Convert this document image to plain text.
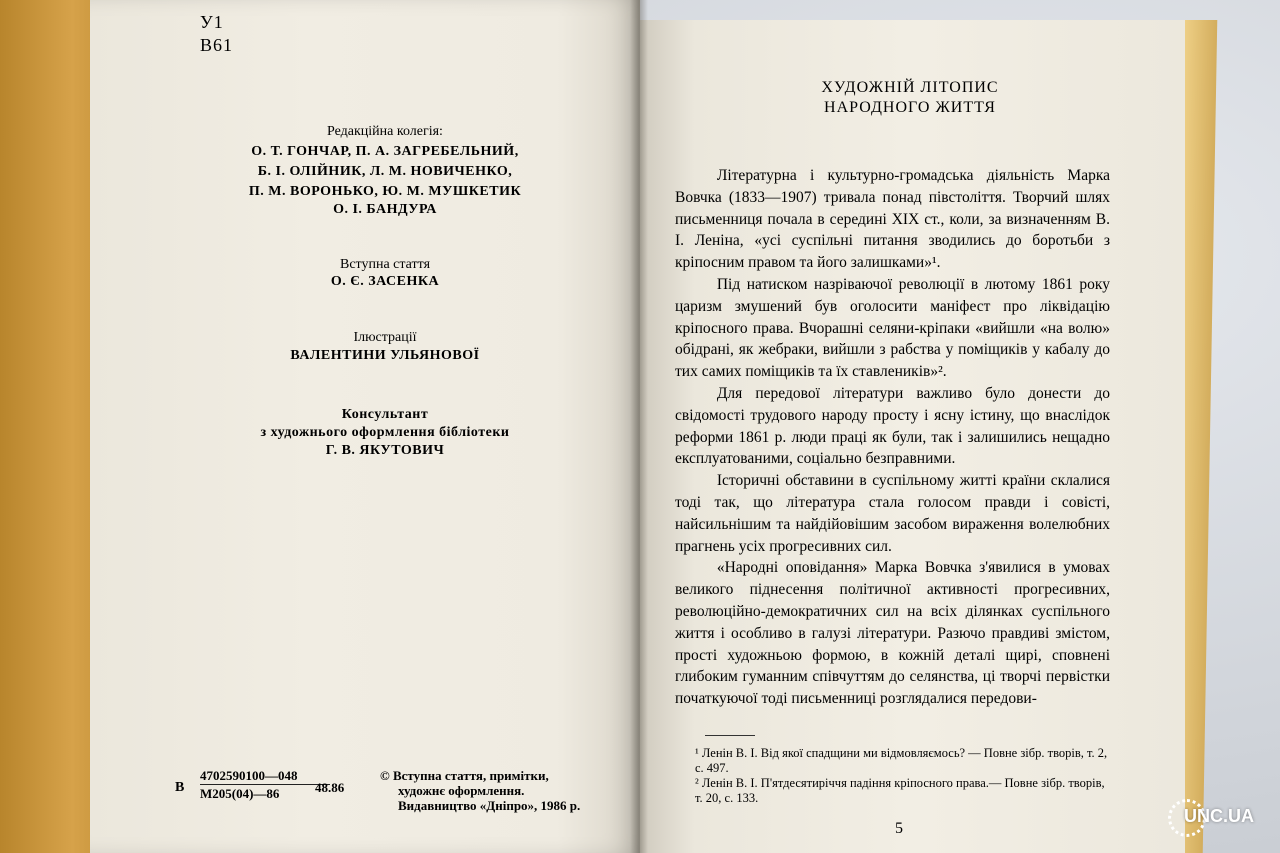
У1
В61
Редакційна колегія:
О. Т. ГОНЧАР, П. А. ЗАГРЕБЕЛЬНИЙ,
Б. І. ОЛІЙНИК, Л. М. НОВИЧЕНКО,
П. М. ВОРОНЬКО, Ю. М. МУШКЕТИК
О. І. БАНДУРА
Вступна стаття
О. Є. ЗАСЕНКА
Ілюстрації
ВАЛЕНТИНИ УЛЬЯНОВОЇ
Консультант
з художнього оформлення бібліотеки
Г. В. ЯКУТОВИЧ
В
4702590100—048
М205(04)—86	48.86
© Вступна стаття, примітки,
художнє оформлення.
Видавництво «Дніпро», 1986 р.
ХУДОЖНІЙ ЛІТОПИС
НАРОДНОГО ЖИТТЯ

Літературна і культурно-громадська діяльність Марка Вовчка (1833—1907) тривала понад півстоліття. Творчий шлях письменниця почала в середині XIX ст., коли, за визначенням В. І. Леніна, «усі суспільні питання зводились до боротьби з кріпосним правом та його залишками»¹.

Під натиском назріваючої революції в лютому 1861 року царизм змушений був оголосити маніфест про ліквідацію кріпосного права. Вчорашні селяни-кріпаки «вийшли «на волю» обідрані, як жебраки, вийшли з рабства у поміщиків у кабалу до тих самих поміщиків та їх ставлеників»².

Для передової літератури важливо було донести до свідомості трудового народу просту і ясну істину, що внаслідок реформи 1861 р. люди праці як були, так і залишились нещадно експлуатованими, соціально безправними.

Історичні обставини в суспільному житті країни склалися тоді так, що література стала голосом правди і совісті, найсильнішим та найдійовішим засобом вираження волелюбних прагнень усіх прогресивних сил.

«Народні оповідання» Марка Вовчка з'явилися в умовах великого піднесення політичної активності прогресивних, революційно-демократичних сил на всіх ділянках суспільного життя і особливо в галузі літератури. Разючо правдиві змістом, прості художньою формою, в кожній деталі щирі, сповнені глибоким гуманним співчуттям до селянства, ці творчі первістки початкуючої тоді письменниці розглядалися передови-

¹ Ленін В. І. Від якої спадщини ми відмовляємось? — Повне зібр. творів, т. 2, с. 497.

² Ленін В. І. П'ятдесятиріччя падіння кріпосного права.— Повне зібр. творів, т. 20, с. 133.

5
UNC.UA
